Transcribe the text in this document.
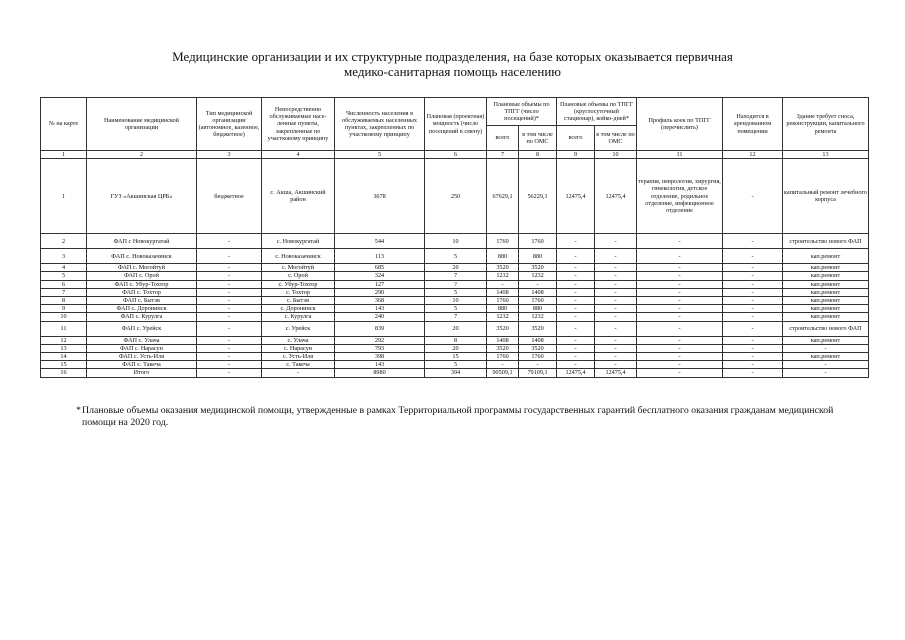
Медицинские организации и их структурные подразделения, на базе которых оказывается первичная
медико-санитарная помощь населению
№ на карте	Наименование медицинской организации	Тип медицинской организации (автономное, казенное, бюджетное)	Непосредственно обслуживаемые населенные пункты, закрепленные по участковому принципу	Численность населения в обслуживаемых населенных пунктах, закрепленных по участковому принципу	Плановая (проектная) мощность (число посещений в смену)	Плановые объемы по ТПГГ (число посещений)*		Плановые объемы по ТПГГ (круглосуточный стационар), койко-дней*		Профиль коек по ТПГГ (перечислить)	Находится в арендованном помещении	Здание требует сноса, реконструкции, капитального ремонта
						всего	в том числе по ОМС	всего	в том числе по ОМС			
1	2	3	4	5	6	7	8	9	10	11	12	13
1	ГУЗ «Акшинская ЦРБ»	бюджетное	с. Акша, Акшинский район	3678	250	67629,1	56229,1	12475,4	12475,4	терапия, неврология, хирургия, гинекология, детское отделение, родильное отделение, инфекционное отделение	-	капитальный ремонт лечебного корпуса
2	ФАП с Новокургатай	-	с. Новокургатай	544	10	1760	1760	-	-	-	-	строительство нового ФАП
3	ФАП с. Новоказачинск	-	с. Новоказачинск	113	5	880	880	-	-	-	-	кап.ремонт
4	ФАП с. Могойтуй	-	с. Могойтуй	685	20	3520	3520	-	-	-	-	кап.ремонт
5	ФАП с. Орой	-	с. Орой	324	7	1232	1232	-	-	-	-	кап.ремонт
6	ФАП с. Убур-Тохтор	-	с. Убур-Тохтор	127	?	-	-	-	-	-	-	кап.ремонт
7	ФАП с. Тохтор	-	с. Тохтор	290	5	1408	1408	-	-	-	-	кап.ремонт
8	ФАП с. Бытэв	-	с. Бытэв	368	10	1760	1760	-	-	-	-	кап.ремонт
9	ФАП с. Доронинск	-	с. Доронинск	143	5	880	880	-	-	-	-	кап.ремонт
10	ФАП с. Курулга	-	с. Курулга	240	7	1232	1232	-	-	-	-	кап.ремонт
11	ФАП с. Урейск	-	с. Урейск	839	20	3520	3520	-	-	-	-	строительство нового ФАП
12	ФАП с. Улача	-	с. Улача	292	8	1408	1408	-	-	-	-	кап.ремонт
13	ФАП с. Нарасун	-	с. Нарасун	793	20	3520	3520	-	-	-	-	-
14	ФАП с. Усть-Иля	-	с. Усть-Иля	398	15	1760	1760	-	-	-	-	кап.ремонт
15	ФАП с. Такеча	-	с. Такеча	143	5	-	-	-	-	-	-	-
16	Итого	-	-	8980	394	90509,1	79109,1	12475,4	12475,4	-	-	-
* Плановые объемы оказания медицинской помощи, утвержденные в рамках Территориальной программы государственных гарантий бесплатного оказания гражданам медицинской помощи на 2020 год.
